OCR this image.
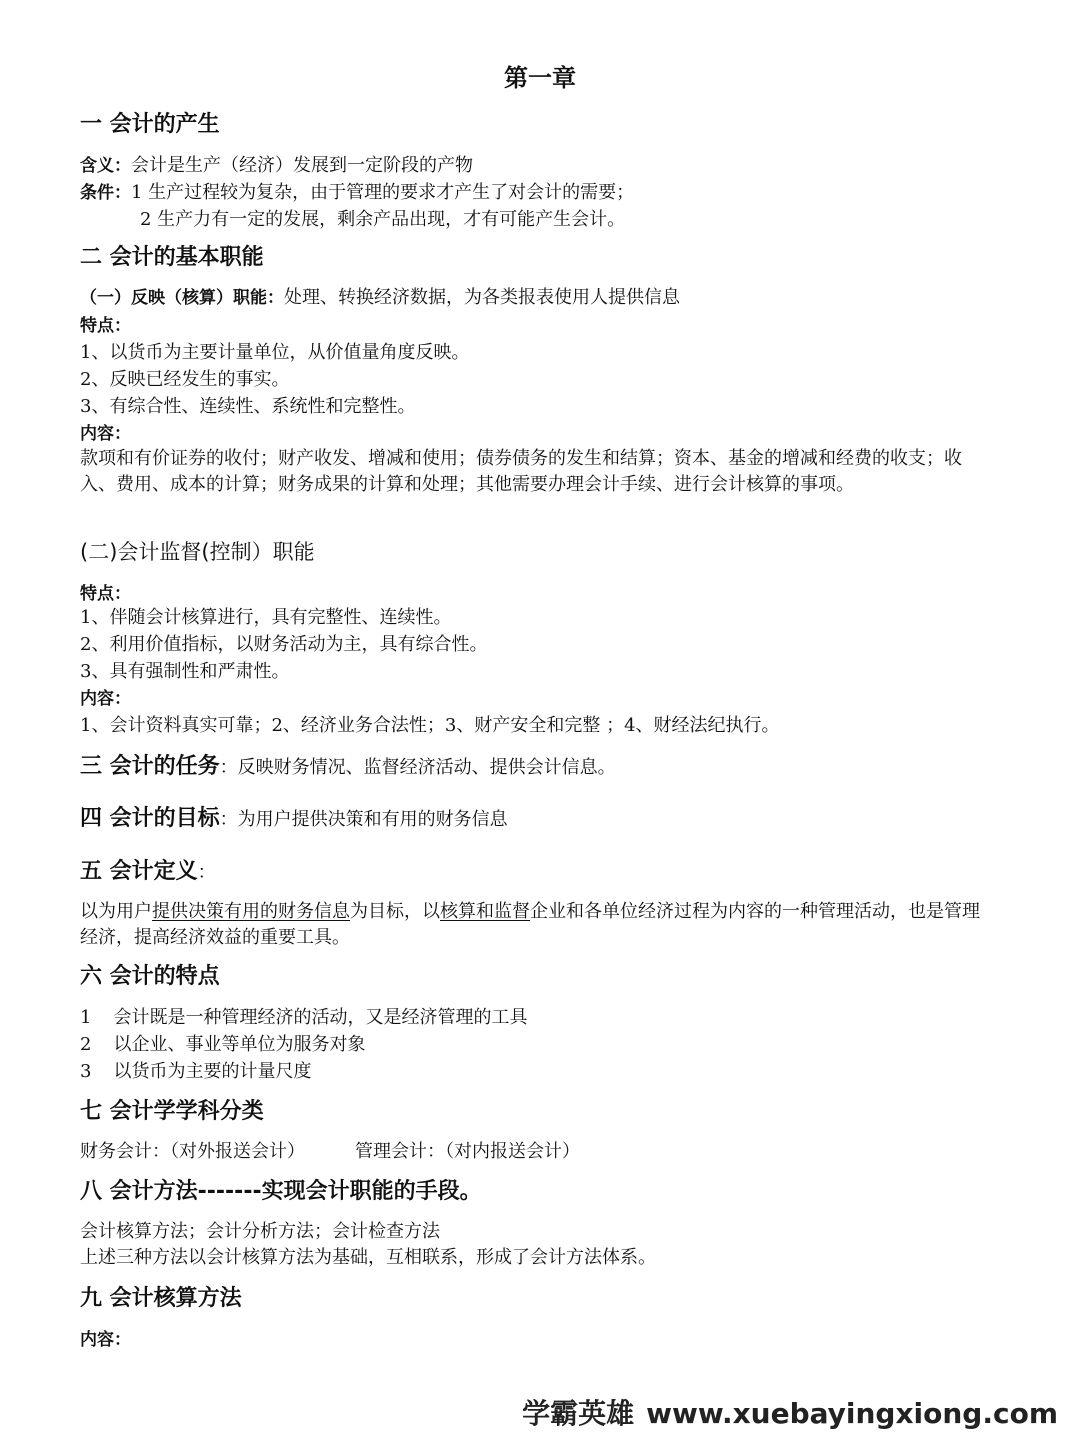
第一章
一 会计的产生
含义：会计是生产（经济）发展到一定阶段的产物
条件：1 生产过程较为复杂，由于管理的要求才产生了对会计的需要；
2 生产力有一定的发展，剩余产品出现，才有可能产生会计。
二 会计的基本职能
（一）反映（核算）职能：处理、转换经济数据，为各类报表使用人提供信息
特点：
1、以货币为主要计量单位，从价值量角度反映。
2、反映已经发生的事实。
3、有综合性、连续性、系统性和完整性。
内容：
款项和有价证券的收付；财产收发、增减和使用；债券债务的发生和结算；资本、基金的增减和经费的收支；收入、费用、成本的计算；财务成果的计算和处理；其他需要办理会计手续、进行会计核算的事项。
(二)会计监督(控制）职能
特点：
1、伴随会计核算进行，具有完整性、连续性。
2、利用价值指标，以财务活动为主，具有综合性。
3、具有强制性和严肃性。
内容：
1、会计资料真实可靠；2、经济业务合法性；3、财产安全和完整 ；4、财经法纪执行。
三 会计的任务：反映财务情况、监督经济活动、提供会计信息。
四 会计的目标：为用户提供决策和有用的财务信息
五 会计定义：
以为用户提供决策有用的财务信息为目标，以核算和监督企业和各单位经济过程为内容的一种管理活动，也是管理经济，提高经济效益的重要工具。
六 会计的特点
1 会计既是一种管理经济的活动，又是经济管理的工具
2 以企业、事业等单位为服务对象
3 以货币为主要的计量尺度
七 会计学学科分类
财务会计：（对外报送会计）	管理会计：（对内报送会计）
八 会计方法-------实现会计职能的手段。
会计核算方法；会计分析方法；会计检查方法
上述三种方法以会计核算方法为基础，互相联系，形成了会计方法体系。
九 会计核算方法
内容：
学霸英雄 www.xuebayingxiong.com
